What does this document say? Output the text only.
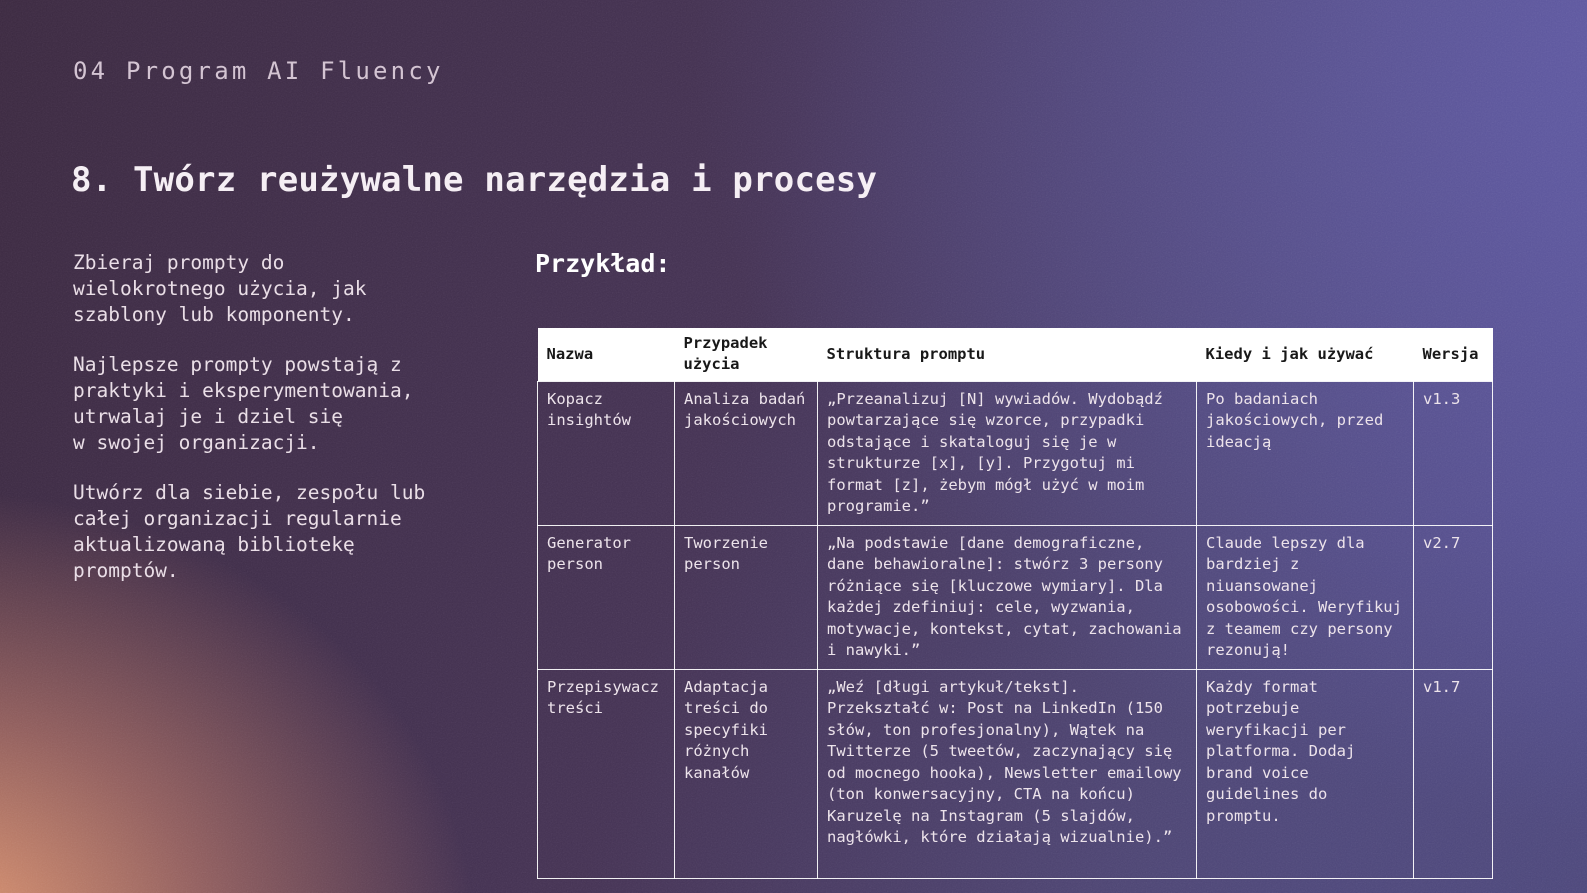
04 Program AI Fluency
8. Twórz reużywalne narzędzia i procesy

Zbieraj prompty do wielokrotnego użycia, jak szablony lub komponenty.

Najlepsze prompty powstają z praktyki i eksperymentowania, utrwalaj je i dziel się w swojej organizacji.

Utwórz dla siebie, zespołu lub całej organizacji regularnie aktualizowaną bibliotekę promptów.

Przykład:
Nazwa	Przypadek użycia	Struktura promptu	Kiedy i jak używać	Wersja
Kopacz insightów	Analiza badań jakościowych	„Przeanalizuj [N] wywiadów. Wydobądź powtarzające się wzorce, przypadki odstające i skataloguj się je w strukturze [x], [y]. Przygotuj mi format [z], żebym mógł użyć w moim programie.”	Po badaniach jakościowych, przed ideacją	v1.3
Generator person	Tworzenie person	„Na podstawie [dane demograficzne, dane behawioralne]: stwórz 3 persony różniące się [kluczowe wymiary]. Dla każdej zdefiniuj: cele, wyzwania, motywacje, kontekst, cytat, zachowania i nawyki.”	Claude lepszy dla bardziej z niuansowanej osobowości. Weryfikuj z teamem czy persony rezonują!	v2.7
Przepisywacz treści	Adaptacja treści do specyfiki różnych kanałów	„Weź [długi artykuł/tekst]. Przekształć w: Post na LinkedIn (150 słów, ton profesjonalny), Wątek na Twitterze (5 tweetów, zaczynający się od mocnego hooka), Newsletter emailowy (ton konwersacyjny, CTA na końcu) Karuzelę na Instagram (5 slajdów, nagłówki, które działają wizualnie).”	Każdy format potrzebuje weryfikacji per platforma. Dodaj brand voice guidelines do promptu.	v1.7
